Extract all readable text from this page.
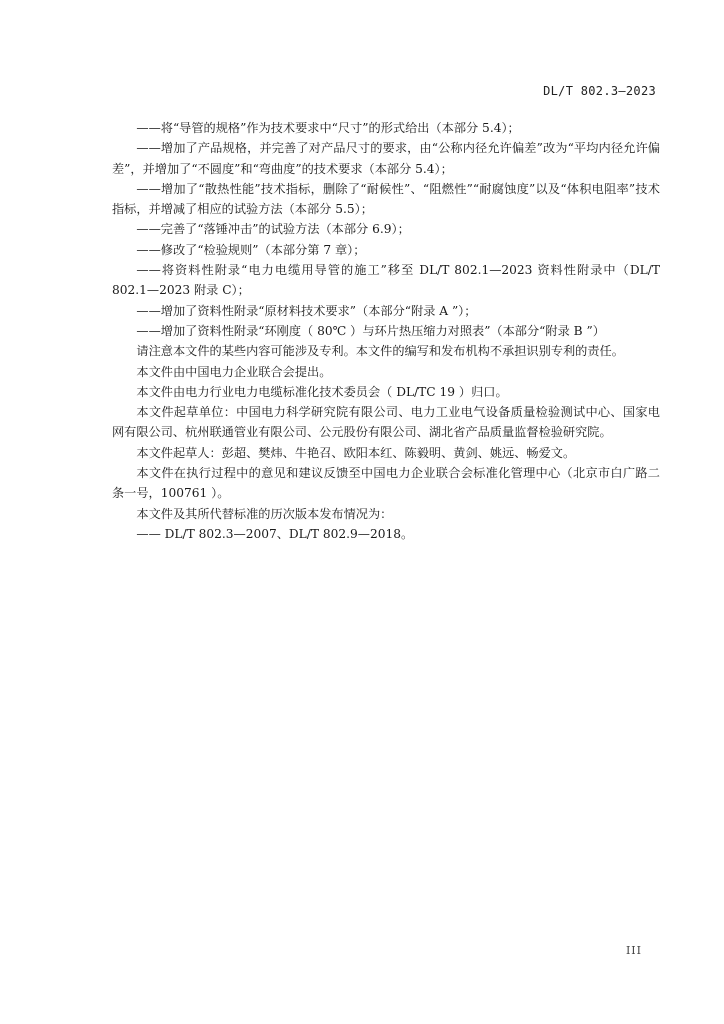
DL/T 802.3—2023

——将“导管的规格”作为技术要求中“尺寸”的形式给出（本部分 5.4）；

——增加了产品规格，并完善了对产品尺寸的要求，由“公称内径允许偏差”改为“平均内径允许偏差”，并增加了“不圆度”和“弯曲度”的技术要求（本部分 5.4）；

——增加了“散热性能”技术指标，删除了“耐候性”、“阻燃性”“耐腐蚀度”以及“体积电阻率”技术指标，并增减了相应的试验方法（本部分 5.5）；

——完善了“落锤冲击”的试验方法（本部分 6.9）；

——修改了“检验规则”（本部分第 7 章）；

——将资料性附录“电力电缆用导管的施工”移至 DL/T 802.1—2023 资料性附录中（DL/T 802.1—2023 附录 C）；

——增加了资料性附录“原材料技术要求”（本部分“附录 A ”）；

——增加了资料性附录“环刚度（ 80℃ ）与环片热压缩力对照表”（本部分“附录 B ”）

请注意本文件的某些内容可能涉及专利。本文件的编写和发布机构不承担识别专利的责任。

本文件由中国电力企业联合会提出。

本文件由电力行业电力电缆标准化技术委员会（ DL/TC 19 ）归口。

本文件起草单位：中国电力科学研究院有限公司、电力工业电气设备质量检验测试中心、国家电网有限公司、杭州联通管业有限公司、公元股份有限公司、湖北省产品质量监督检验研究院。

本文件起草人：彭超、樊炜、牛艳召、欧阳本红、陈毅明、黄剑、姚远、畅爱文。

本文件在执行过程中的意见和建议反馈至中国电力企业联合会标准化管理中心（北京市白广路二条一号，100761 ）。

本文件及其所代替标准的历次版本发布情况为：

—— DL/T 802.3—2007、DL/T 802.9—2018。

III
